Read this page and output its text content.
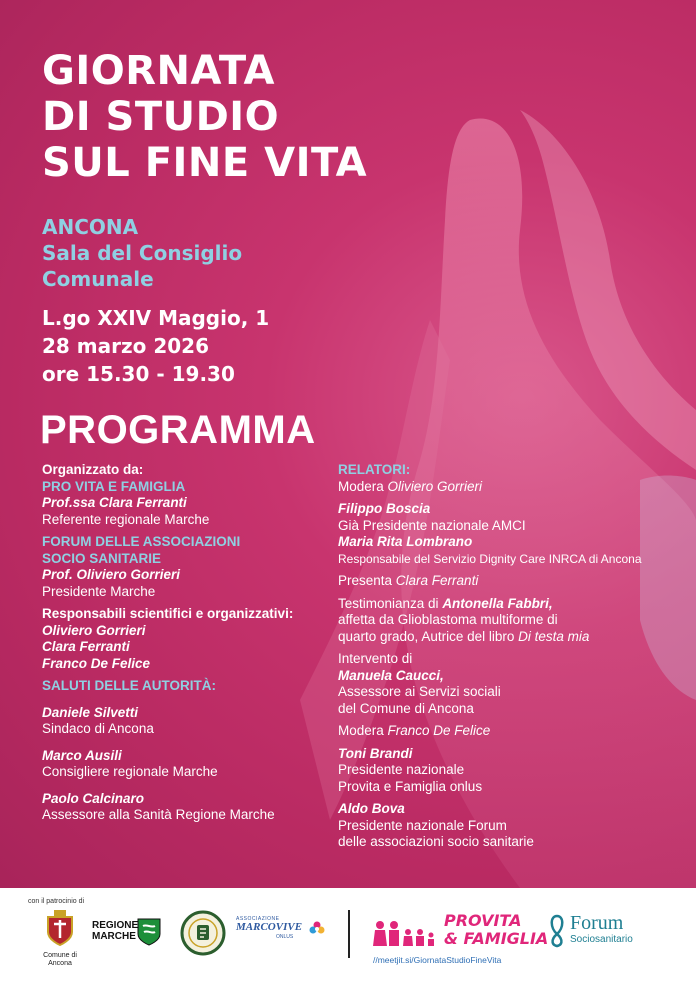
GIORNATA
DI STUDIO
SUL FINE VITA
ANCONA
Sala del Consiglio
Comunale
L.go XXIV Maggio, 1
28 marzo 2026
ore 15.30 - 19.30
PROGRAMMA
Organizzato da:
PRO VITA E FAMIGLIA
Prof.ssa Clara Ferranti
Referente regionale Marche
FORUM DELLE ASSOCIAZIONI
SOCIO SANITARIE
Prof. Oliviero Gorrieri
Presidente Marche
Responsabili scientifici e organizzativi:
Oliviero Gorrieri
Clara Ferranti
Franco De Felice
SALUTI DELLE AUTORITÀ:
Daniele Silvetti
Sindaco di Ancona
Marco Ausili
Consigliere regionale Marche
Paolo Calcinaro
Assessore alla Sanità Regione Marche
RELATORI:
Modera Oliviero Gorrieri
Filippo Boscia
Già Presidente nazionale AMCI
Maria Rita Lombrano
Responsabile del Servizio Dignity Care INRCA di Ancona
Presenta Clara Ferranti
Testimonianza di Antonella Fabbri,
affetta da Glioblastoma multiforme di
quarto grado, Autrice del libro Di testa mia
Intervento di
Manuela Caucci,
Assessore ai Servizi sociali
del Comune di Ancona
Modera Franco De Felice
Toni Brandi
Presidente nazionale
Provita e Famiglia onlus
Aldo Bova
Presidente nazionale Forum
delle associazioni socio sanitarie
con il patrocinio di
Comune di
Ancona
REGIONE
MARCHE
ASSOCIAZIONE
MARCOVIVE
ONLUS
PROVITA
& FAMIGLIA
//meetjit.si/GiornataStudioFineVita
Forum
Sociosanitario
